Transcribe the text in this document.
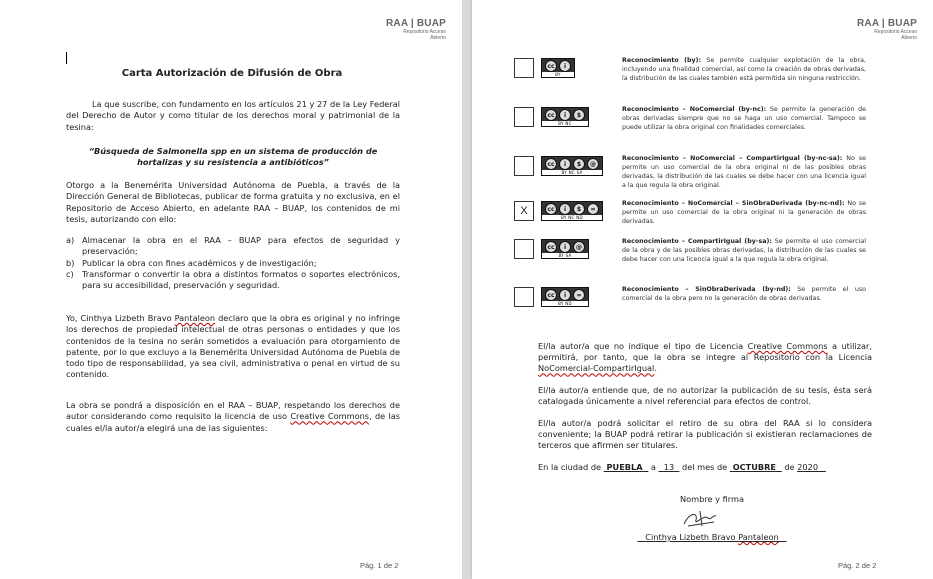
RAA | BUAP
Repositorio Acceso
Abierto
Carta Autorización de Difusión de Obra
La que suscribe, con fundamento en los artículos 21 y 27 de la Ley Federal del Derecho de Autor y como titular de los derechos moral y patrimonial de la tesina:
“Búsqueda de Salmonella spp en un sistema de producción de hortalizas y su resistencia a antibióticos”
Otorgo a la Benemérita Universidad Autónoma de Puebla, a través de la Dirección General de Bibliotecas, publicar de forma gratuita y no exclusiva, en el Repositorio de Acceso Abierto, en adelante RAA – BUAP, los contenidos de mi tesis, autorizando con ello:
a) Almacenar la obra en el RAA – BUAP para efectos de seguridad y preservación;
b) Publicar la obra con fines académicos y de investigación;
c) Transformar o convertir la obra a distintos formatos o soportes electrónicos, para su accesibilidad, preservación y seguridad.
Yo, Cinthya Lizbeth Bravo Pantaleon declaro que la obra es original y no infringe los derechos de propiedad intelectual de otras personas o entidades y que los contenidos de la tesina no serán sometidos a evaluación para otorgamiento de patente, por lo que excluyo a la Benemérita Universidad Autónoma de Puebla de todo tipo de responsabilidad, ya sea civil, administrativa o penal en virtud de su contenido.
La obra se pondrá a disposición en el RAA – BUAP, respetando los derechos de autor considerando como requisito la licencia de uso Creative Commons, de las cuales el/la autor/a elegirá una de las siguientes:
Pág. 1 de 2
RAA | BUAP
Repositorio Acceso
Abierto
cc	i
BY
Reconocimiento (by): Se permite cualquier explotación de la obra, incluyendo una finalidad comercial, así como la creación de obras derivadas, la distribución de las cuales también está permitida sin ninguna restricción.
cc	i	$
BY NC
Reconocimiento – NoComercial (by-nc): Se permite la generación de obras derivadas siempre que no se haga un uso comercial. Tampoco se puede utilizar la obra original con finalidades comerciales.
cc	i	$	@
BY NC SA
Reconocimiento – NoComercial – CompartirIgual (by-nc-sa): No se permite un uso comercial de la obra original ni de las posibles obras derivadas, la distribución de las cuales se debe hacer con una licencia igual a la que regula la obra original.
X	cc	i	$	=
BY NC ND
Reconocimiento – NoComercial – SinObraDerivada (by-nc-nd): No se permite un uso comercial de la obra original ni la generación de obras derivadas.
cc	i	@
BY SA
Reconocimiento – CompartirIgual (by-sa): Se permite el uso comercial de la obra y de las posibles obras derivadas, la distribución de las cuales se debe hacer con una licencia igual a la que regula la obra original.
cc	i	=
BY ND
Reconocimiento – SinObraDerivada (by-nd): Se permite el uso comercial de la obra pero no la generación de obras derivadas.
El/la autor/a que no indique el tipo de Licencia Creative Commons a utilizar, permitirá, por tanto, que la obra se integre al Repositorio con la Licencia NoComercial-CompartirIgual.
El/la autor/a entiende que, de no autorizar la publicación de su tesis, ésta será catalogada únicamente a nivel referencial para efectos de control.
El/la autor/a podrá solicitar el retiro de su obra del RAA si lo considera conveniente; la BUAP podrá retirar la publicación si existieran reclamaciones de terceros que afirmen ser titulares.
En la ciudad de  PUEBLA   a   13   del mes de  OCTUBRE   de 2020
Nombre y firma
Cinthya Lizbeth Bravo Pantaleon
Pág. 2 de 2
